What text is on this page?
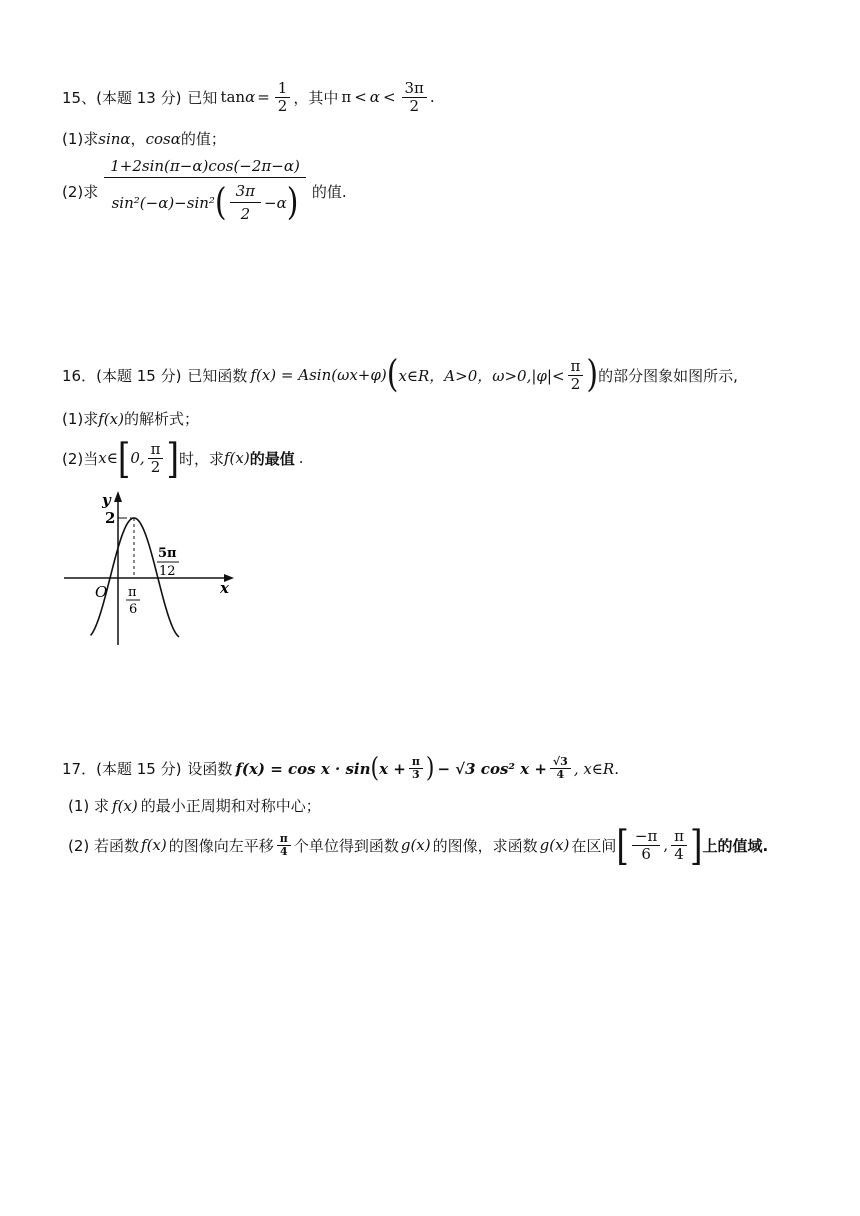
15、 (本题 13 分) 已知 $\tan\alpha = \frac{1}{2}$ ，其中 $\pi < \alpha < \frac{3\pi}{2}$ .
(1)求 sinα ， cosα 的值；
(2)求 $\frac{1+2\sin(\pi-\alpha)\cos(-2\pi-\alpha)}{\sin^2(-\alpha)-\sin^2 ( \frac{3\pi}{2} -\alpha )}$ 的值.
16． (本题 15 分) 已知函数 f(x) = Asin(ωx+φ) ( x∈R，A>0，$\omega>0,|\varphi|< \frac{\pi}{2}$ ) 的部分图象如图所示,
(1)求 f(x) 的解析式；
(2)当 x∈ [ 0, $\frac{\pi}{2}$ ] 时，求 f(x) 的最值 .
y
x
O
2
π
6
5π
12
17． (本题 15 分) 设函数 f(x) = cos x · sin ( $x + \frac{\pi}{3}$ ) − √3 cos² $x + \frac{√3}{4}$ , x∈R.
(1) 求 f(x) 的最小正周期和对称中心；
(2) 若函数 f(x) 的图像向左平移 $\frac{\pi}{4}$ 个单位得到函数 g(x) 的图像，求函数 g(x) 在区间 [ $\frac{-\pi}{6}$ , $\frac{\pi}{4}$ ] 上的值域.
